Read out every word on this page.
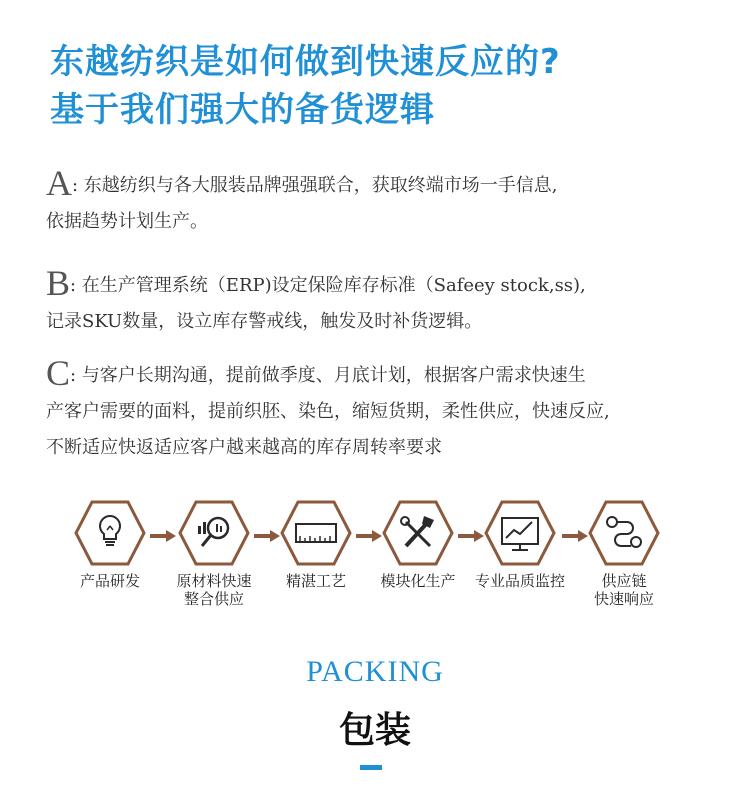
东越纺织是如何做到快速反应的?
基于我们强大的备货逻辑
A: 东越纺织与各大服装品牌强强联合，获取终端市场一手信息,
依据趋势计划生产。
B: 在生产管理系统（ERP)设定保险库存标准（Safeey stock,ss),
记录SKU数量，设立库存警戒线，触发及时补货逻辑。
C: 与客户长期沟通，提前做季度、月底计划，根据客户需求快速生
产客户需要的面料，提前织胚、染色，缩短货期，柔性供应，快速反应,
不断适应快返适应客户越来越高的库存周转率要求
产品研发	原材料快速
整合供应
精湛工艺	模块化生产	专业品质监控	供应链
快速响应
PACKING
包装
